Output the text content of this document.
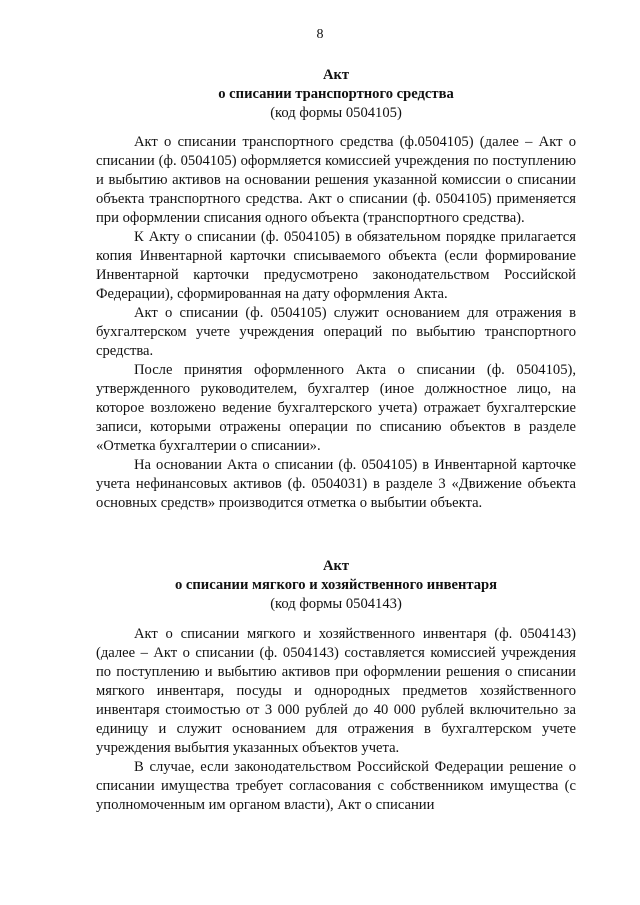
8
Акт
о списании транспортного средства
(код формы 0504105)

Акт о списании транспортного средства (ф.0504105) (далее – Акт о списании (ф. 0504105) оформляется комиссией учреждения по поступлению и выбытию активов на основании решения указанной комиссии о списании объекта транспортного средства. Акт о списании (ф. 0504105) применяется при оформлении списания одного объекта (транспортного средства).

К Акту о списании (ф. 0504105) в обязательном порядке прилагается копия Инвентарной карточки списываемого объекта (если формирование Инвентарной карточки предусмотрено законодательством Российской Федерации), сформированная на дату оформления Акта.

Акт о списании (ф. 0504105) служит основанием для отражения в бухгалтерском учете учреждения операций по выбытию транспортного средства.

После принятия оформленного Акта о списании (ф. 0504105), утвержденного руководителем, бухгалтер (иное должностное лицо, на которое возложено ведение бухгалтерского учета) отражает бухгалтерские записи, которыми отражены операции по списанию объектов в разделе «Отметка бухгалтерии о списании».

На основании Акта о списании (ф. 0504105) в Инвентарной карточке учета нефинансовых активов (ф. 0504031) в разделе 3 «Движение объекта основных средств» производится отметка о выбытии объекта.

Акт
о списании мягкого и хозяйственного инвентаря
(код формы 0504143)

Акт о списании мягкого и хозяйственного инвентаря (ф. 0504143) (далее – Акт о списании (ф. 0504143) составляется комиссией учреждения по поступлению и выбытию активов при оформлении решения о списании мягкого инвентаря, посуды и однородных предметов хозяйственного инвентаря стоимостью от 3 000 рублей до 40 000 рублей включительно за единицу и служит основанием для отражения в бухгалтерском учете учреждения выбытия указанных объектов учета.

В случае, если законодательством Российской Федерации решение о списании имущества требует согласования с собственником имущества (с уполномоченным им органом власти), Акт о списании
